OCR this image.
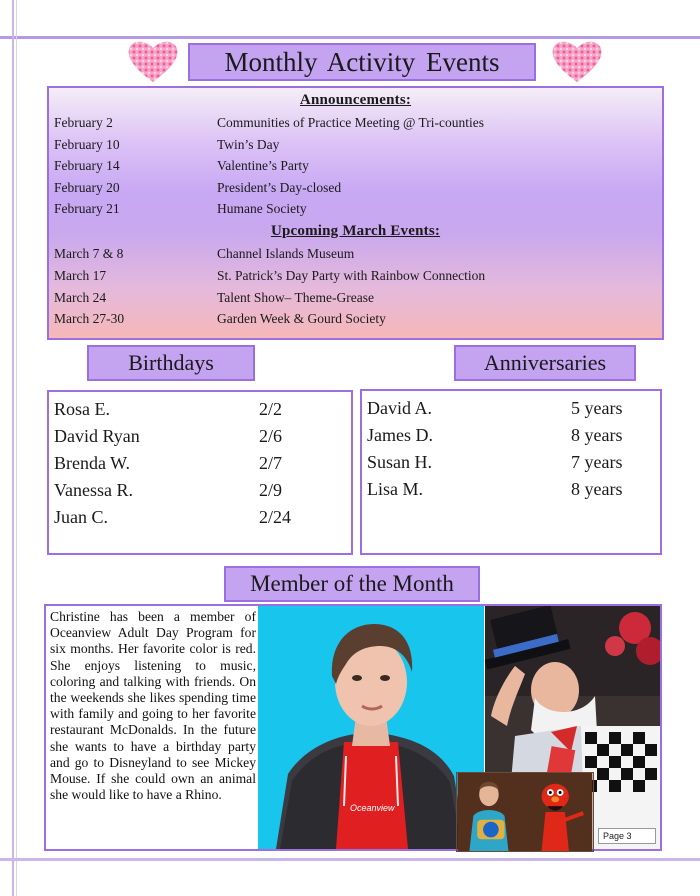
Monthly Activity Events
Announcements:
February 2	Communities of Practice Meeting @ Tri-counties
February 10	Twin’s Day
February 14	Valentine’s Party
February 20	President’s Day-closed
February 21	Humane Society
Upcoming March Events:
March 7 & 8	Channel Islands Museum
March 17	St. Patrick’s Day Party with Rainbow Connection
March 24	Talent Show– Theme-Grease
March 27-30	Garden Week & Gourd Society
Birthdays
Rosa E.	2/2
David Ryan	2/6
Brenda W.	2/7
Vanessa R.	2/9
Juan C.	2/24
Anniversaries
David A.	5 years
James D.	8 years
Susan H.	7 years
Lisa M.	8 years
Member of the Month
Christine has been a member of Oceanview Adult Day Program for six months. Her favorite color is red. She enjoys listening to music, coloring and talking with friends. On the weekends she likes spending time with family and going to her favorite restaurant McDonalds. In the future she wants to have a birthday party and go to Disneyland to see Mickey Mouse. If she could own an animal she would like to have a Rhino.
Oceanview
Page 3
